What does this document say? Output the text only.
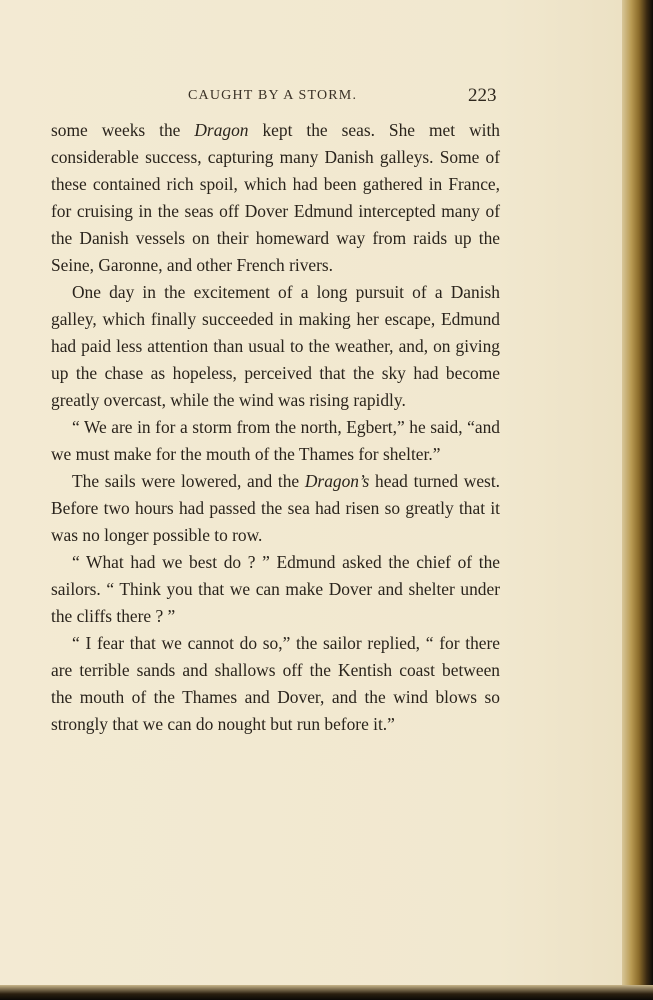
CAUGHT BY A STORM.	223

some weeks the Dragon kept the seas. She met with considerable success, capturing many Danish galleys. Some of these contained rich spoil, which had been gathered in France, for cruising in the seas off Dover Edmund intercepted many of the Danish vessels on their homeward way from raids up the Seine, Garonne, and other French rivers.

One day in the excitement of a long pursuit of a Danish galley, which finally succeeded in making her escape, Edmund had paid less attention than usual to the weather, and, on giving up the chase as hopeless, perceived that the sky had become greatly overcast, while the wind was rising rapidly.

“ We are in for a storm from the north, Egbert,” he said, “and we must make for the mouth of the Thames for shelter.”

The sails were lowered, and the Dragon’s head turned west. Before two hours had passed the sea had risen so greatly that it was no longer possible to row.

“ What had we best do ? ” Edmund asked the chief of the sailors. “ Think you that we can make Dover and shelter under the cliffs there ? ”

“ I fear that we cannot do so,” the sailor replied, “ for there are terrible sands and shallows off the Kentish coast between the mouth of the Thames and Dover, and the wind blows so strongly that we can do nought but run before it.”
